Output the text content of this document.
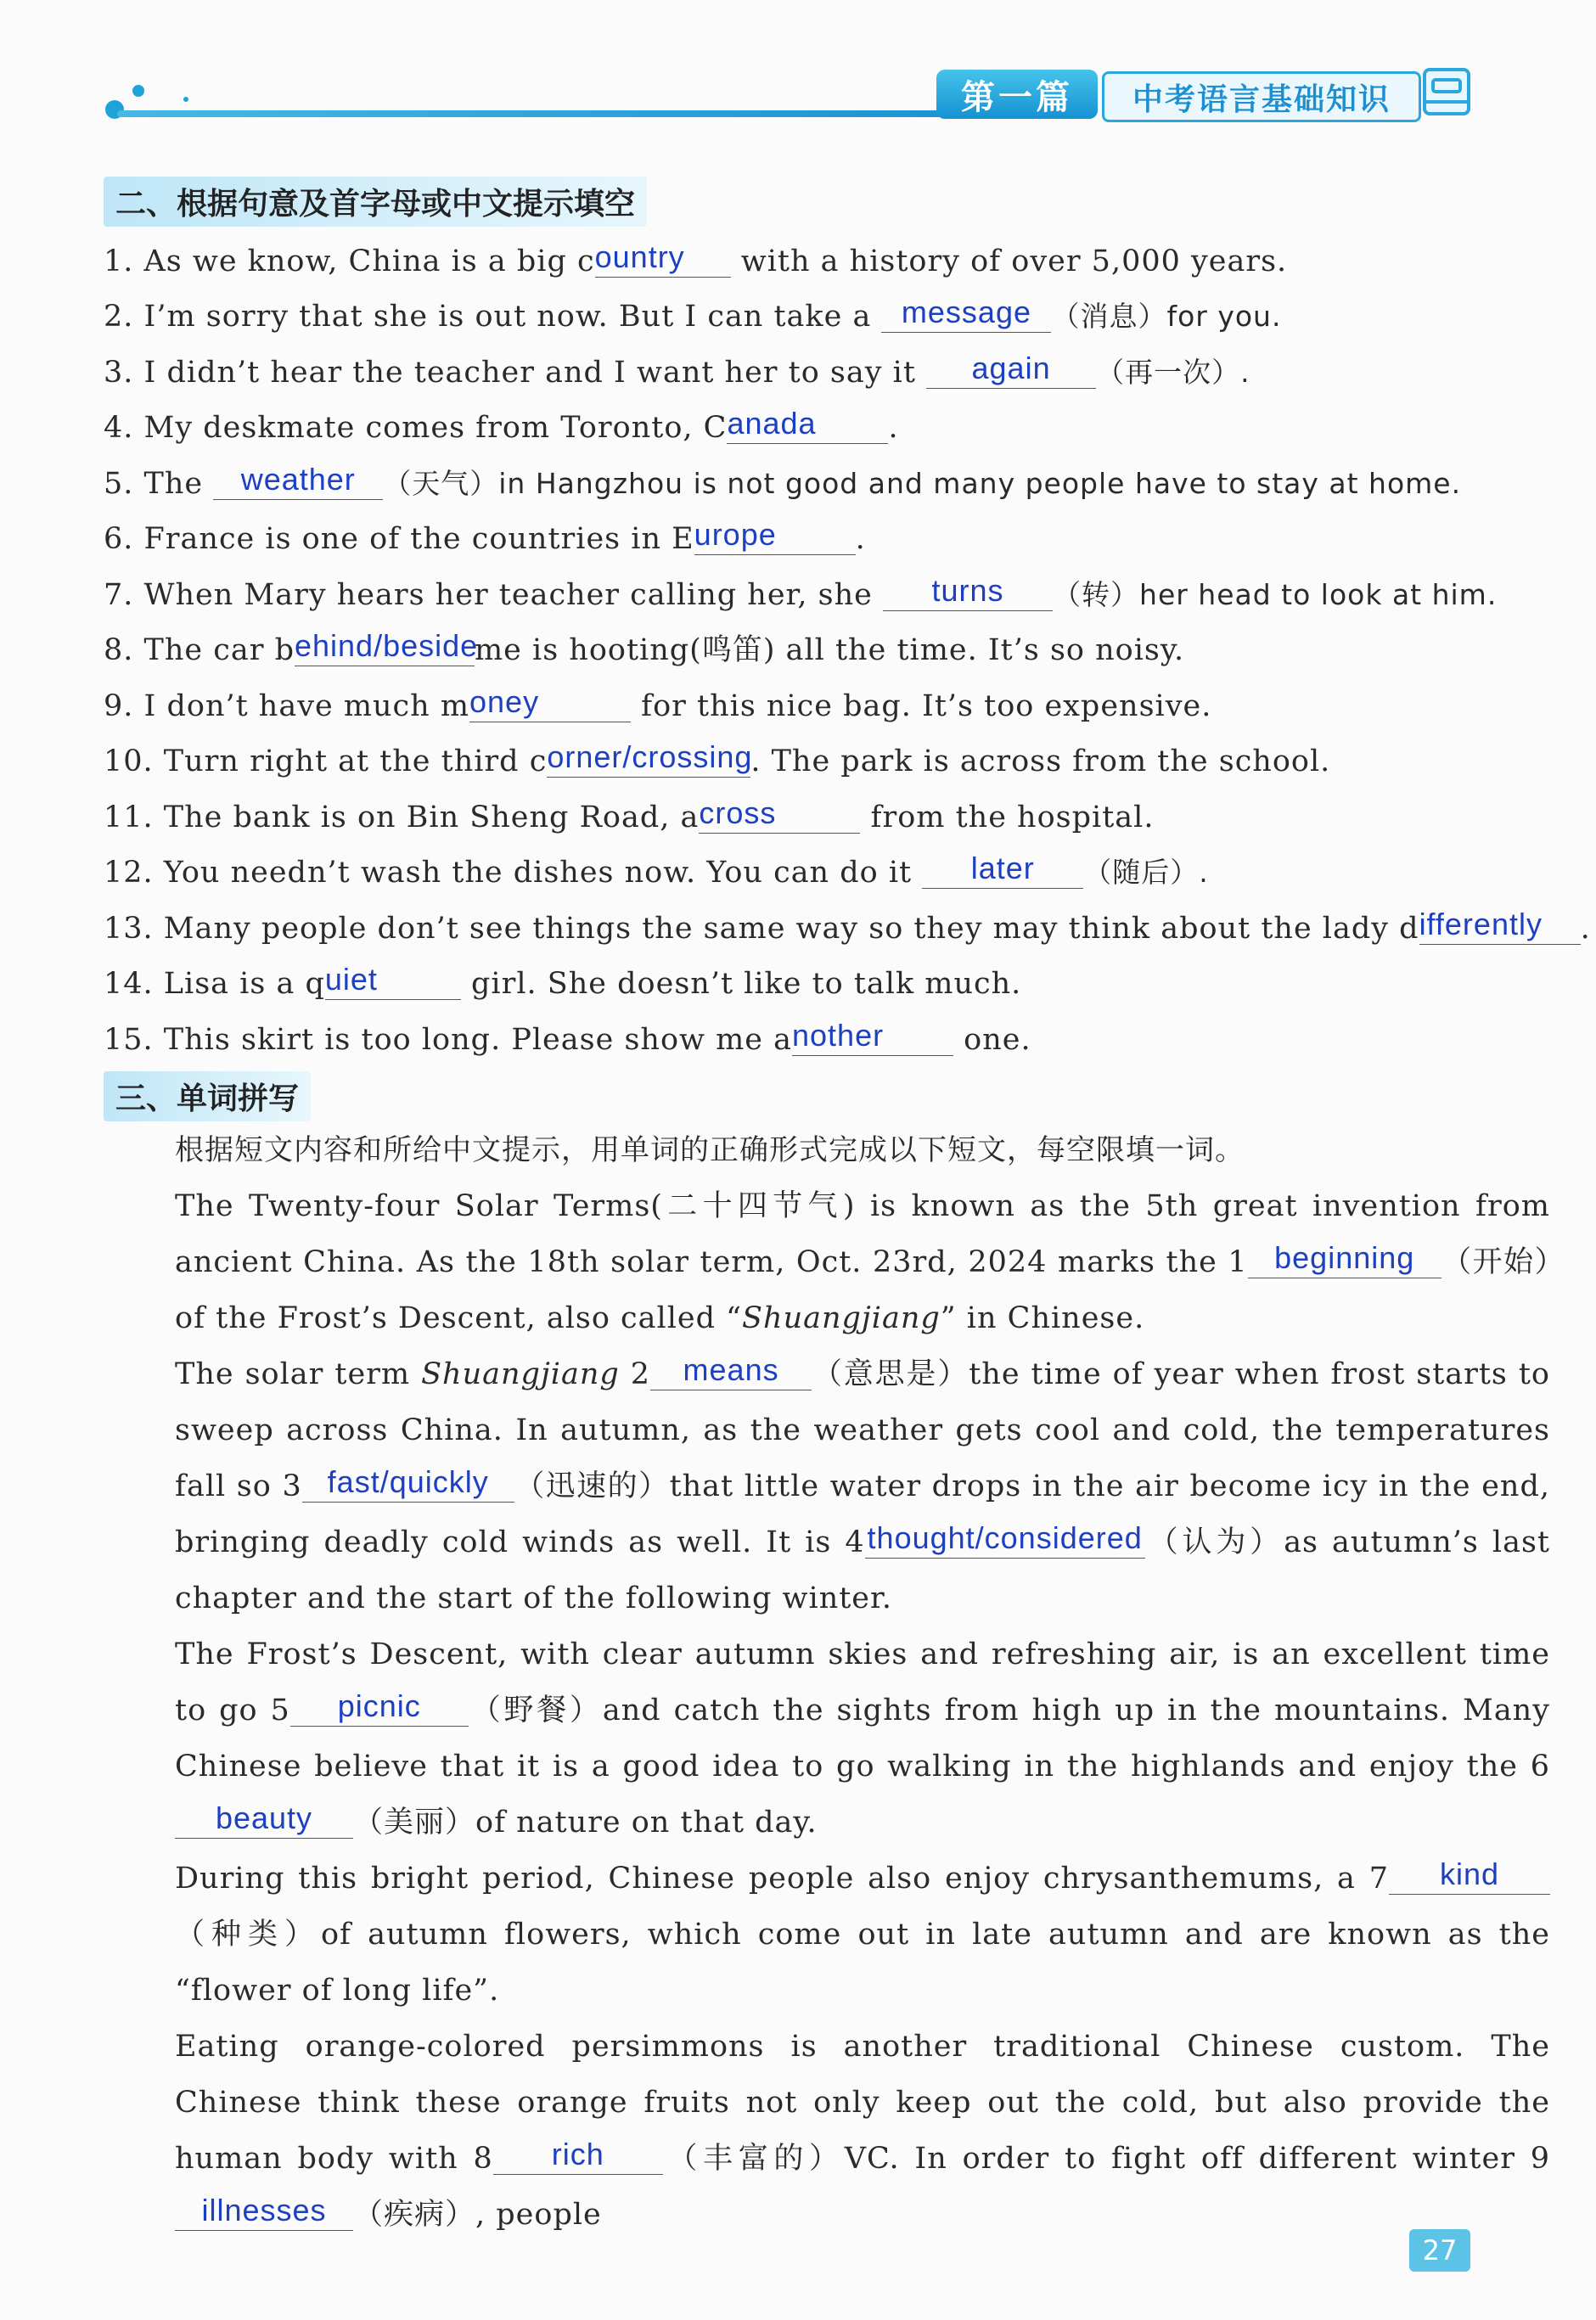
第一篇	中考语言基础知识
二、根据句意及首字母或中文提示填空
1. As we know, China is a big country with a history of over 5,000 years.
2. I’m sorry that she is out now. But I can take a message （消息）for you.
3. I didn’t hear the teacher and I want her to say it again （再一次）.
4. My deskmate comes from Toronto, Canada .
5. The weather （天气）in Hangzhou is not good and many people have to stay at home.
6. France is one of the countries in Europe	.
7. When Mary hears her teacher calling her, she turns （转）her head to look at him.
8. The car behind/besideme is hooting(鸣笛) all the time. It’s so noisy.
9. I don’t have much money	for this nice bag. It’s too expensive.
10. Turn right at the third corner/crossing. The park is across from the school.
11. The bank is on Bin Sheng Road, across	from the hospital.
12. You needn’t wash the dishes now. You can do it later （随后）.
13. Many people don’t see things the same way so they may think about the lady differently .
14. Lisa is a quiet	girl. She doesn’t like to talk much.
15. This skirt is too long. Please show me another	one.
三、单词拼写
根据短文内容和所给中文提示，用单词的正确形式完成以下短文，每空限填一词。
The Twenty-four Solar Terms(二十四节气) is known as the 5th great invention from ancient China. As the 18th solar term, Oct. 23rd, 2024 marks the 1 beginning （开始）of the Frost’s Descent, also called “Shuangjiang” in Chinese.
The solar term Shuangjiang 2 means （意思是）the time of year when frost starts to sweep across China. In autumn, as the weather gets cool and cold, the temperatures fall so 3 fast/quickly （迅速的）that little water drops in the air become icy in the end, bringing deadly cold winds as well. It is 4thought/considered（认为）as autumn’s last chapter and the start of the following winter.
The Frost’s Descent, with clear autumn skies and refreshing air, is an excellent time to go 5 picnic （野餐）and catch the sights from high up in the mountains. Many Chinese believe that it is a good idea to go walking in the highlands and enjoy the 6beauty （美丽）of nature on that day.
During this bright period, Chinese people also enjoy chrysanthemums, a 7 kind（种类）of autumn flowers, which come out in late autumn and are known as the “flower of long life”.
Eating orange-colored persimmons is another traditional Chinese custom. The Chinese think these orange fruits not only keep out the cold, but also provide the human body with 8 rich （丰富的）VC. In order to fight off different winter 9illnesses （疾病）, people
27
